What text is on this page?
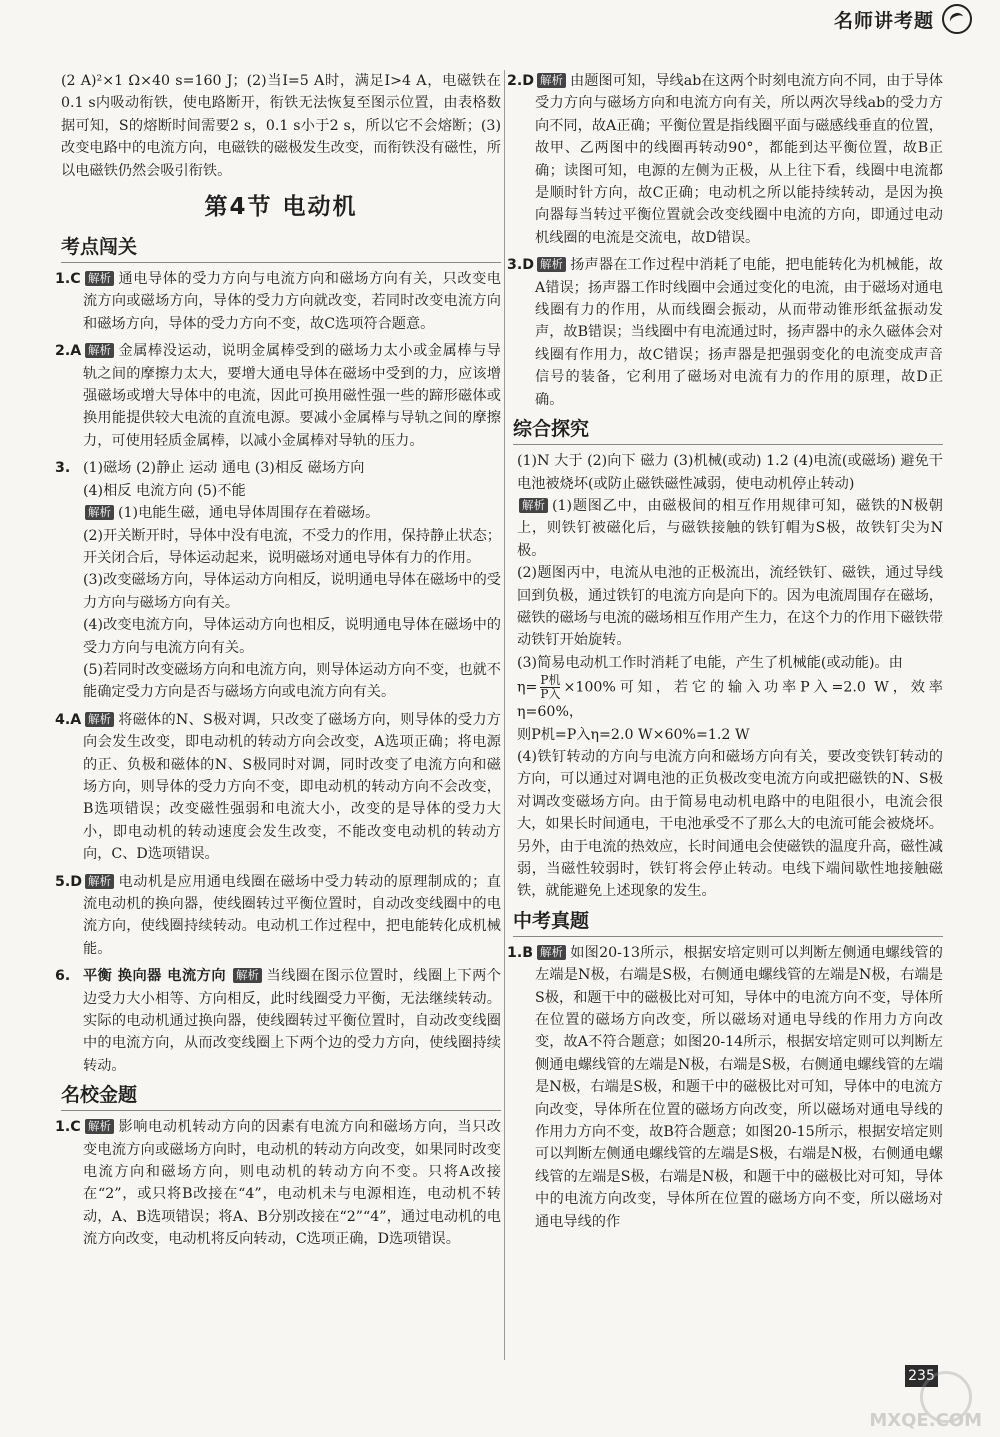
名师讲考题

(2 A)²×1 Ω×40 s=160 J；(2)当I=5 A时，满足I>4 A，电磁铁在0.1 s内吸动衔铁，使电路断开，衔铁无法恢复至图示位置，由表格数据可知，S的熔断时间需要2 s，0.1 s小于2 s，所以它不会熔断；(3)改变电路中的电流方向，电磁铁的磁极发生改变，而衔铁没有磁性，所以电磁铁仍然会吸引衔铁。

第4节 电动机
考点闯关
1.C 解析 通电导体的受力方向与电流方向和磁场方向有关，只改变电流方向或磁场方向，导体的受力方向就改变，若同时改变电流方向和磁场方向，导体的受力方向不变，故C选项符合题意。
2.A 解析 金属棒没运动，说明金属棒受到的磁场力太小或金属棒与导轨之间的摩擦力太大，要增大通电导体在磁场中受到的力，应该增强磁场或增大导体中的电流，因此可换用磁性强一些的蹄形磁体或换用能提供较大电流的直流电源。要减小金属棒与导轨之间的摩擦力，可使用轻质金属棒，以减小金属棒对导轨的压力。
3. (1)磁场 (2)静止 运动 通电 (3)相反 磁场方向
(4)相反 电流方向 (5)不能
解析 (1)电能生磁，通电导体周围存在着磁场。
(2)开关断开时，导体中没有电流，不受力的作用，保持静止状态；开关闭合后，导体运动起来，说明磁场对通电导体有力的作用。
(3)改变磁场方向，导体运动方向相反，说明通电导体在磁场中的受力方向与磁场方向有关。
(4)改变电流方向，导体运动方向也相反，说明通电导体在磁场中的受力方向与电流方向有关。
(5)若同时改变磁场方向和电流方向，则导体运动方向不变，也就不能确定受力方向是否与磁场方向或电流方向有关。
4.A 解析 将磁体的N、S极对调，只改变了磁场方向，则导体的受力方向会发生改变，即电动机的转动方向会改变，A选项正确；将电源的正、负极和磁体的N、S极同时对调，同时改变了电流方向和磁场方向，则导体的受力方向不变，即电动机的转动方向不会改变，B选项错误；改变磁性强弱和电流大小，改变的是导体的受力大小，即电动机的转动速度会发生改变，不能改变电动机的转动方向，C、D选项错误。
5.D 解析 电动机是应用通电线圈在磁场中受力转动的原理制成的；直流电动机的换向器，使线圈转过平衡位置时，自动改变线圈中的电流方向，使线圈持续转动。电动机工作过程中，把电能转化成机械能。
6. 平衡 换向器 电流方向 解析 当线圈在图示位置时，线圈上下两个边受力大小相等、方向相反，此时线圈受力平衡，无法继续转动。实际的电动机通过换向器，使线圈转过平衡位置时，自动改变线圈中的电流方向，从而改变线圈上下两个边的受力方向，使线圈持续转动。
名校金题
1.C 解析 影响电动机转动方向的因素有电流方向和磁场方向，当只改变电流方向或磁场方向时，电动机的转动方向改变，如果同时改变电流方向和磁场方向，则电动机的转动方向不变。只将A改接在“2”，或只将B改接在“4”，电动机未与电源相连，电动机不转动，A、B选项错误；将A、B分别改接在“2”“4”，通过电动机的电流方向改变，电动机将反向转动，C选项正确，D选项错误。
2.D 解析 由题图可知，导线ab在这两个时刻电流方向不同，由于导体受力方向与磁场方向和电流方向有关，所以两次导线ab的受力方向不同，故A正确；平衡位置是指线圈平面与磁感线垂直的位置，故甲、乙两图中的线圈再转动90°，都能到达平衡位置，故B正确；读图可知，电源的左侧为正极，从上往下看，线圈中电流都是顺时针方向，故C正确；电动机之所以能持续转动，是因为换向器每当转过平衡位置就会改变线圈中电流的方向，即通过电动机线圈的电流是交流电，故D错误。
3.D 解析 扬声器在工作过程中消耗了电能，把电能转化为机械能，故A错误；扬声器工作时线圈中会通过变化的电流，由于磁场对通电线圈有力的作用，从而线圈会振动，从而带动锥形纸盆振动发声，故B错误；当线圈中有电流通过时，扬声器中的永久磁体会对线圈有作用力，故C错误；扬声器是把强弱变化的电流变成声音信号的装备，它利用了磁场对电流有力的作用的原理，故D正确。
综合探究
(1)N 大于 (2)向下 磁力 (3)机械(或动) 1.2 (4)电流(或磁场) 避免干电池被烧坏(或防止磁铁磁性减弱，使电动机停止转动)
解析 (1)题图乙中，由磁极间的相互作用规律可知，磁铁的N极朝上，则铁钉被磁化后，与磁铁接触的铁钉帽为S极，故铁钉尖为N极。
(2)题图丙中，电流从电池的正极流出，流经铁钉、磁铁，通过导线回到负极，通过铁钉的电流方向是向下的。因为电流周围存在磁场，磁铁的磁场与电流的磁场相互作用产生力，在这个力的作用下磁铁带动铁钉开始旋转。
(3)简易电动机工作时消耗了电能，产生了机械能(或动能)。由
$\eta= \frac{\text{P机}}{\text{P入}} \times 100\%$可知，若它的输入功率P入=2.0 W，效率η=60%，
则P机=P入η=2.0 W×60%=1.2 W
(4)铁钉转动的方向与电流方向和磁场方向有关，要改变铁钉转动的方向，可以通过对调电池的正负极改变电流方向或把磁铁的N、S极对调改变磁场方向。由于简易电动机电路中的电阻很小，电流会很大，如果长时间通电，干电池承受不了那么大的电流可能会被烧坏。另外，由于电流的热效应，长时间通电会使磁铁的温度升高，磁性减弱，当磁性较弱时，铁钉将会停止转动。电线下端间歇性地接触磁铁，就能避免上述现象的发生。
中考真题
1.B 解析 如图20-13所示，根据安培定则可以判断左侧通电螺线管的左端是N极，右端是S极，右侧通电螺线管的左端是N极，右端是S极，和题干中的磁极比对可知，导体中的电流方向不变，导体所在位置的磁场方向改变，所以磁场对通电导线的作用力方向改变，故A不符合题意；如图20-14所示，根据安培定则可以判断左侧通电螺线管的左端是N极，右端是S极，右侧通电螺线管的左端是N极，右端是S极，和题干中的磁极比对可知，导体中的电流方向改变，导体所在位置的磁场方向改变，所以磁场对通电导线的作用力方向不变，故B符合题意；如图20-15所示，根据安培定则可以判断左侧通电螺线管的左端是S极，右端是N极，右侧通电螺线管的左端是S极，右端是N极，和题干中的磁极比对可知，导体中的电流方向改变，导体所在位置的磁场方向不变，所以磁场对通电导线的作
235
MXQE.COM
